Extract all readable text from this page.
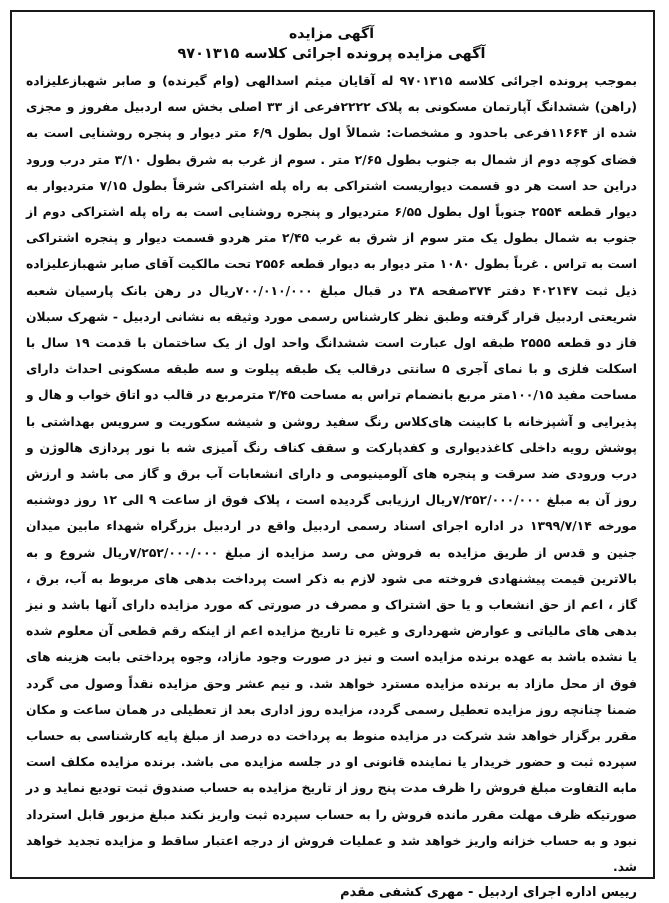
آگهی مزایده
آگهی مزایده پرونده اجرائی کلاسه ۹۷۰۱۳۱۵

بموجب پرونده اجرائی کلاسه ۹۷۰۱۳۱۵ له آقایان میثم اسدالهی (وام گیرنده) و صابر شهبازعلیزاده (راهن) ششدانگ آپارتمان مسکونی به پلاک ۲۲۲۲فرعی از ۳۳ اصلی بخش سه اردبیل مفروز و مجزی شده از ۱۱۶۶۴فرعی باحدود و مشخصات: شمالاً اول بطول ۶/۹ متر دیوار و پنجره روشنایی است به فضای کوچه دوم از شمال به جنوب بطول ۲/۶۵ متر . سوم از غرب به شرق بطول ۳/۱۰ متر درب ورود دراین حد است هر دو قسمت دیواریست اشتراکی به راه پله اشتراکی شرقاً بطول ۷/۱۵ متردیوار به دیوار قطعه ۲۵۵۴ جنوباً اول بطول ۶/۵۵ متردیوار و پنجره روشنایی است به راه پله اشتراکی دوم از جنوب به شمال بطول یک متر سوم از شرق به غرب ۲/۴۵ متر هردو قسمت دیوار و پنجره اشتراکی است به تراس . غرباً بطول ۱۰۸۰ متر دیوار به دیوار قطعه ۲۵۵۶ تحت مالکیت آقای صابر شهبازعلیزاده ذیل ثبت ۴۰۲۱۴۷ دفتر ۳۷۴صفحه ۳۸ در قبال مبلغ ۷۰۰/۰۱۰/۰۰۰ریال در رهن بانک پارسیان شعبه شریعتی اردبیل قرار گرفته وطبق نظر کارشناس رسمی مورد وثیقه به نشانی اردبیل - شهرک سبلان فاز دو قطعه ۲۵۵۵ طبقه اول عبارت است ششدانگ واحد اول از یک ساختمان با قدمت ۱۹ سال با اسکلت فلزی و با نمای آجری ۵ سانتی درقالب یک طبقه پیلوت و سه طبقه مسکونی احداث دارای مساحت مفید ۱۰۰/۱۵متر مربع بانضمام تراس به مساحت ۳/۴۵ مترمربع در قالب دو اتاق خواب و هال و پذیرایی و آشپزخانه با کابینت های‌کلاس رنگ سفید روشن و شیشه سکوریت و سرویس بهداشتی با پوشش رویه داخلی کاغذدیواری و کفدپارکت و سقف کناف رنگ آمیزی شه با نور پردازی هالوژن و درب ورودی ضد سرقت و پنجره های آلومینیومی و دارای انشعابات آب برق و گاز می باشد و ارزش روز آن به مبلغ ۷/۲۵۲/۰۰۰/۰۰۰ریال ارزیابی گردیده است ، پلاک فوق از ساعت ۹ الی ۱۲ روز دوشنبه مورخه ۱۳۹۹/۷/۱۴ در اداره اجرای اسناد رسمی اردبیل واقع در اردبیل بزرگراه شهداء مابین میدان جنین و قدس از طریق مزایده به فروش می رسد مزایده از مبلغ ۷/۲۵۲/۰۰۰/۰۰۰ریال شروع و به بالاترین قیمت پیشنهادی فروخته می شود لازم به ذکر است پرداخت بدهی های مربوط به آب، برق ، گاز ، اعم از حق انشعاب و یا حق اشتراک و مصرف در صورتی که مورد مزایده دارای آنها باشد و نیز بدهی های مالیاتی و عوارض شهرداری و غیره تا تاریخ مزایده اعم از اینکه رقم قطعی آن معلوم شده یا نشده باشد به عهده برنده مزایده است و نیز در صورت وجود مازاد، وجوه پرداختی بابت هزینه های فوق از محل مازاد به برنده مزایده مسترد خواهد شد. و نیم عشر وحق مزایده نقداً وصول می گردد ضمنا چنانچه روز مزایده تعطیل رسمی گردد، مزایده روز اداری بعد از تعطیلی در همان ساعت و مکان مقرر برگزار خواهد شد شرکت در مزایده منوط به پرداخت ده درصد از مبلغ پایه کارشناسی به حساب سپرده ثبت و حضور خریدار یا نماینده قانونی او در جلسه مزایده می باشد. برنده مزایده مکلف است مابه التفاوت مبلغ فروش را ظرف مدت پنج روز از تاریخ مزایده به حساب صندوق ثبت تودیع نماید و در صورتیکه ظرف مهلت مقرر مانده فروش را به حساب سپرده ثبت واریز نکند مبلغ مزبور قابل استرداد نبود و به حساب خزانه واریز خواهد شد و عملیات فروش از درجه اعتبار ساقط و مزایده تجدید خواهد شد.

رییس اداره اجرای اردبیل - مهری کشفی مقدم
